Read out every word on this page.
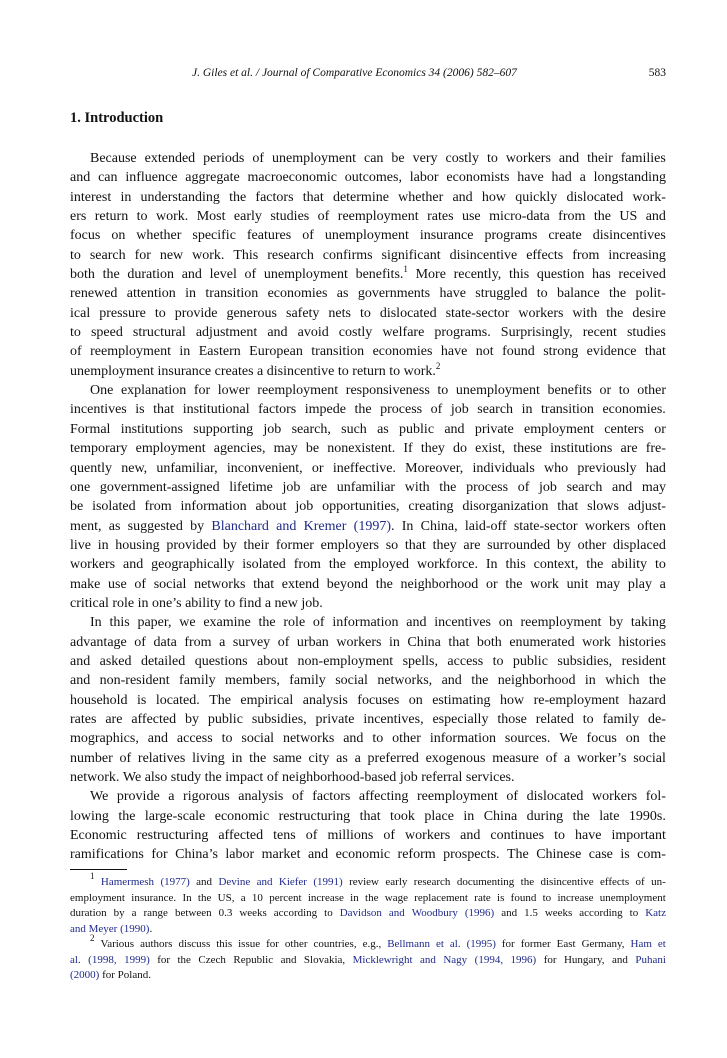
J. Giles et al. / Journal of Comparative Economics 34 (2006) 582–607	583
1. Introduction
Because extended periods of unemployment can be very costly to workers and their families
and can influence aggregate macroeconomic outcomes, labor economists have had a longstanding
interest in understanding the factors that determine whether and how quickly dislocated work-
ers return to work. Most early studies of reemployment rates use micro-data from the US and
focus on whether specific features of unemployment insurance programs create disincentives
to search for new work. This research confirms significant disincentive effects from increasing
both the duration and level of unemployment benefits.$^1$ More recently, this question has received
renewed attention in transition economies as governments have struggled to balance the polit-
ical pressure to provide generous safety nets to dislocated state-sector workers with the desire
to speed structural adjustment and avoid costly welfare programs. Surprisingly, recent studies
of reemployment in Eastern European transition economies have not found strong evidence that
unemployment insurance creates a disincentive to return to work.$^2$
One explanation for lower reemployment responsiveness to unemployment benefits or to other
incentives is that institutional factors impede the process of job search in transition economies.
Formal institutions supporting job search, such as public and private employment centers or
temporary employment agencies, may be nonexistent. If they do exist, these institutions are fre-
quently new, unfamiliar, inconvenient, or ineffective. Moreover, individuals who previously had
one government-assigned lifetime job are unfamiliar with the process of job search and may
be isolated from information about job opportunities, creating disorganization that slows adjust-
ment, as suggested by Blanchard and Kremer (1997). In China, laid-off state-sector workers often
live in housing provided by their former employers so that they are surrounded by other displaced
workers and geographically isolated from the employed workforce. In this context, the ability to
make use of social networks that extend beyond the neighborhood or the work unit may play a
critical role in one’s ability to find a new job.
In this paper, we examine the role of information and incentives on reemployment by taking
advantage of data from a survey of urban workers in China that both enumerated work histories
and asked detailed questions about non-employment spells, access to public subsidies, resident
and non-resident family members, family social networks, and the neighborhood in which the
household is located. The empirical analysis focuses on estimating how re-employment hazard
rates are affected by public subsidies, private incentives, especially those related to family de-
mographics, and access to social networks and to other information sources. We focus on the
number of relatives living in the same city as a preferred exogenous measure of a worker’s social
network. We also study the impact of neighborhood-based job referral services.
We provide a rigorous analysis of factors affecting reemployment of dislocated workers fol-
lowing the large-scale economic restructuring that took place in China during the late 1990s.
Economic restructuring affected tens of millions of workers and continues to have important
ramifications for China’s labor market and economic reform prospects. The Chinese case is com-
$^1$ Hamermesh (1977) and Devine and Kiefer (1991) review early research documenting the disincentive effects of un-
employment insurance. In the US, a 10 percent increase in the wage replacement rate is found to increase unemployment
duration by a range between 0.3 weeks according to Davidson and Woodbury (1996) and 1.5 weeks according to Katz
and Meyer (1990).
$^2$ Various authors discuss this issue for other countries, e.g., Bellmann et al. (1995) for former East Germany, Ham et
al. (1998, 1999) for the Czech Republic and Slovakia, Micklewright and Nagy (1994, 1996) for Hungary, and Puhani
(2000) for Poland.
